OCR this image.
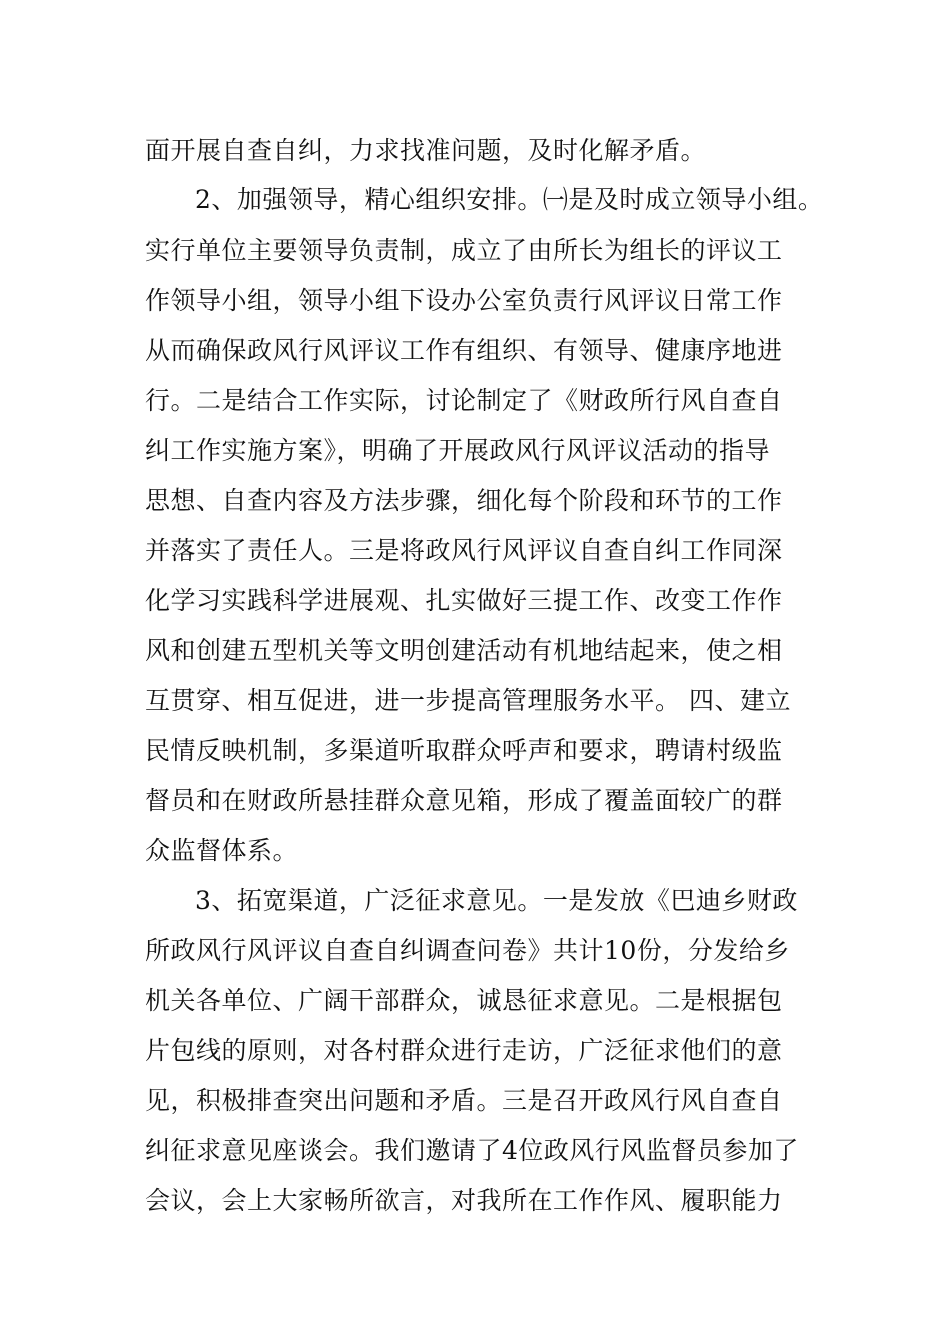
面开展自查自纠，力求找准问题，及时化解矛盾。
2、加强领导，精心组织安排。㈠是及时成立领导小组。
实行单位主要领导负责制，成立了由所长为组长的评议工
作领导小组，领导小组下设办公室负责行风评议日常工作
从而确保政风行风评议工作有组织、有领导、健康序地进
行。二是结合工作实际，讨论制定了《财政所行风自查自
纠工作实施方案》，明确了开展政风行风评议活动的指导
思想、自查内容及方法步骤，细化每个阶段和环节的工作
并落实了责任人。三是将政风行风评议自查自纠工作同深
化学习实践科学进展观、扎实做好三提工作、改变工作作
风和创建五型机关等文明创建活动有机地结起来，使之相
互贯穿、相互促进，进一步提高管理服务水平。 四、建立
民情反映机制，多渠道听取群众呼声和要求，聘请村级监
督员和在财政所悬挂群众意见箱，形成了覆盖面较广的群
众监督体系。
3、拓宽渠道，广泛征求意见。一是发放《巴迪乡财政
所政风行风评议自查自纠调查问卷》共计10份，分发给乡
机关各单位、广阔干部群众，诚恳征求意见。二是根据包
片包线的原则，对各村群众进行走访，广泛征求他们的意
见，积极排查突出问题和矛盾。三是召开政风行风自查自
纠征求意见座谈会。我们邀请了4位政风行风监督员参加了
会议，会上大家畅所欲言，对我所在工作作风、履职能力
